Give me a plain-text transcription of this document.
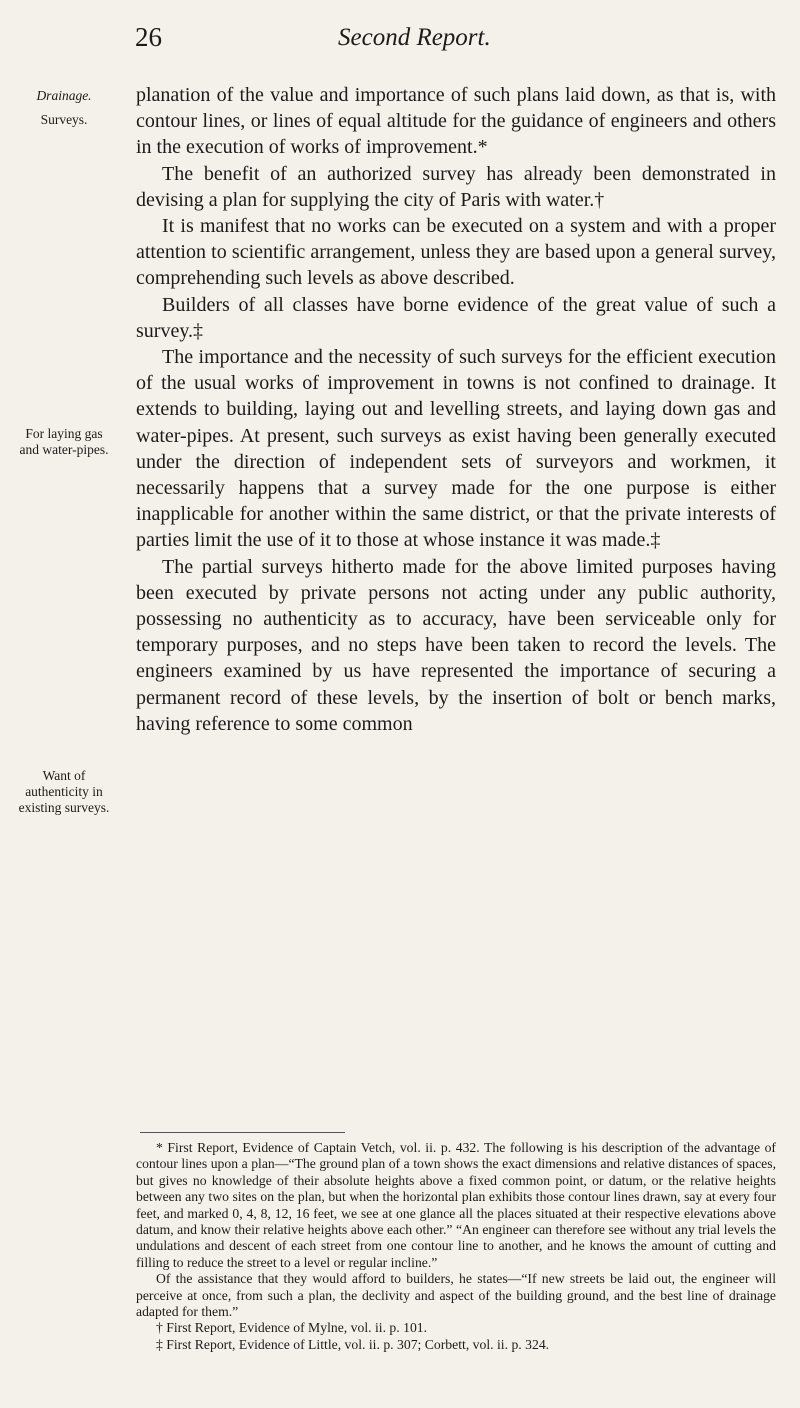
26	Second Report.
Drainage.
Surveys.
For laying gas and water-pipes.
Want of authenticity in existing surveys.

planation of the value and importance of such plans laid down, as that is, with contour lines, or lines of equal altitude for the guidance of engineers and others in the execution of works of improvement.*

The benefit of an authorized survey has already been demonstrated in devising a plan for supplying the city of Paris with water.†

It is manifest that no works can be executed on a system and with a proper attention to scientific arrangement, unless they are based upon a general survey, comprehending such levels as above described.

Builders of all classes have borne evidence of the great value of such a survey.‡

The importance and the necessity of such surveys for the efficient execution of the usual works of improvement in towns is not confined to drainage. It extends to building, laying out and levelling streets, and laying down gas and water-pipes. At present, such surveys as exist having been generally executed under the direction of independent sets of surveyors and workmen, it necessarily happens that a survey made for the one purpose is either inapplicable for another within the same district, or that the private interests of parties limit the use of it to those at whose instance it was made.‡

The partial surveys hitherto made for the above limited purposes having been executed by private persons not acting under any public authority, possessing no authenticity as to accuracy, have been serviceable only for temporary purposes, and no steps have been taken to record the levels. The engineers examined by us have represented the importance of securing a permanent record of these levels, by the insertion of bolt or bench marks, having reference to some common

* First Report, Evidence of Captain Vetch, vol. ii. p. 432. The following is his description of the advantage of contour lines upon a plan—“The ground plan of a town shows the exact dimensions and relative distances of spaces, but gives no knowledge of their absolute heights above a fixed common point, or datum, or the relative heights between any two sites on the plan, but when the horizontal plan exhibits those contour lines drawn, say at every four feet, and marked 0, 4, 8, 12, 16 feet, we see at one glance all the places situated at their respective elevations above datum, and know their relative heights above each other.” “An engineer can therefore see without any trial levels the undulations and descent of each street from one contour line to another, and he knows the amount of cutting and filling to reduce the street to a level or regular incline.”

Of the assistance that they would afford to builders, he states—“If new streets be laid out, the engineer will perceive at once, from such a plan, the declivity and aspect of the building ground, and the best line of drainage adapted for them.”

† First Report, Evidence of Mylne, vol. ii. p. 101.

‡ First Report, Evidence of Little, vol. ii. p. 307; Corbett, vol. ii. p. 324.
